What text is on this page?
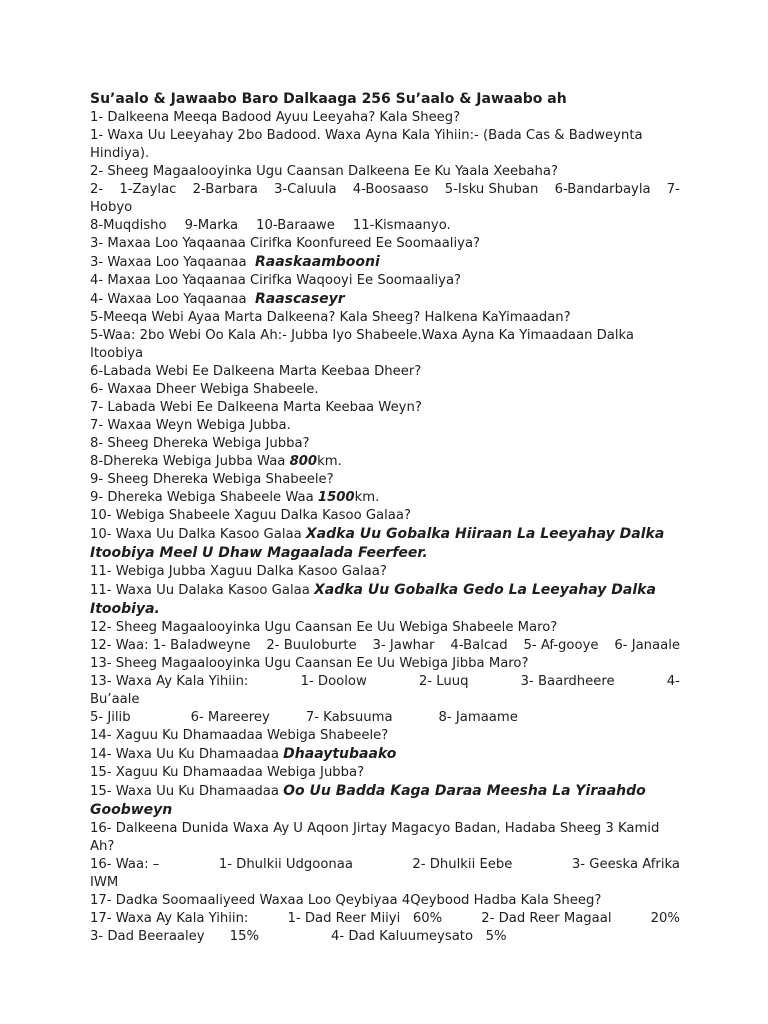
Su’aalo & Jawaabo Baro Dalkaaga 256 Su’aalo & Jawaabo ah

1- Dalkeena Meeqa Badood Ayuu Leeyaha? Kala Sheeg?

1- Waxa Uu Leeyahay 2bo Badood. Waxa Ayna Kala Yihiin:- (Bada Cas & Badweynta Hindiya).

2- Sheeg Magaalooyinka Ugu Caansan Dalkeena Ee Ku Yaala Xeebaha?

2- 1-Zaylac 2-Barbara 3-Caluula 4-Boosaaso 5-Isku Shuban 6-Bandarbayla 7-

Hobyo

8-Muqdisho 9-Marka 10-Baraawe 11-Kismaanyo.

3- Maxaa Loo Yaqaanaa Cirifka Koonfureed Ee Soomaaliya?

3- Waxaa Loo Yaqaanaa Raaskaambooni

4- Maxaa Loo Yaqaanaa Cirifka Waqooyi Ee Soomaaliya?

4- Waxaa Loo Yaqaanaa Raascaseyr

5-Meeqa Webi Ayaa Marta Dalkeena? Kala Sheeg? Halkena KaYimaadan?

5-Waa: 2bo Webi Oo Kala Ah:- Jubba Iyo Shabeele.Waxa Ayna Ka Yimaadaan Dalka Itoobiya

6-Labada Webi Ee Dalkeena Marta Keebaa Dheer?

6- Waxaa Dheer Webiga Shabeele.

7- Labada Webi Ee Dalkeena Marta Keebaa Weyn?

7- Waxaa Weyn Webiga Jubba.

8- Sheeg Dhereka Webiga Jubba?

8-Dhereka Webiga Jubba Waa 800km.

9- Sheeg Dhereka Webiga Shabeele?

9- Dhereka Webiga Shabeele Waa 1500km.

10- Webiga Shabeele Xaguu Dalka Kasoo Galaa?

10- Waxa Uu Dalka Kasoo Galaa Xadka Uu Gobalka Hiiraan La Leeyahay Dalka Itoobiya Meel U Dhaw Magaalada Feerfeer.

11- Webiga Jubba Xaguu Dalka Kasoo Galaa?

11- Waxa Uu Dalaka Kasoo Galaa Xadka Uu Gobalka Gedo La Leeyahay Dalka Itoobiya.

12- Sheeg Magaalooyinka Ugu Caansan Ee Uu Webiga Shabeele Maro?

12- Waa: 1- Baladweyne 2- Buuloburte 3- Jawhar 4-Balcad 5- Af-gooye 6- Janaale

13- Sheeg Magaalooyinka Ugu Caansan Ee Uu Webiga Jibba Maro?

13- Waxa Ay Kala Yihiin:	1- Doolow	2- Luuq	3- Baardheere	4-

Bu’aale

5- Jilib	6- Mareerey	7- Kabsuuma	8- Jamaame

14- Xaguu Ku Dhamaadaa Webiga Shabeele?

14- Waxa Uu Ku Dhamaadaa Dhaaytubaako

15- Xaguu Ku Dhamaadaa Webiga Jubba?

15- Waxa Uu Ku Dhamaadaa Oo Uu Badda Kaga Daraa Meesha La Yiraahdo Goobweyn

16- Dalkeena Dunida Waxa Ay U Aqoon Jirtay Magacyo Badan, Hadaba Sheeg 3 Kamid Ah?

16- Waa: –	1- Dhulkii Udgoonaa	2- Dhulkii Eebe	3- Geeska Afrika

IWM

17- Dadka Soomaaliyeed Waxaa Loo Qeybiyaa 4Qeybood Hadba Kala Sheeg?

17- Waxa Ay Kala Yihiin:	1- Dad Reer Miiyi   60%	2- Dad Reer Magaal	20%
3- Dad Beeraaley      15%	4- Dad Kaluumeysato   5%
